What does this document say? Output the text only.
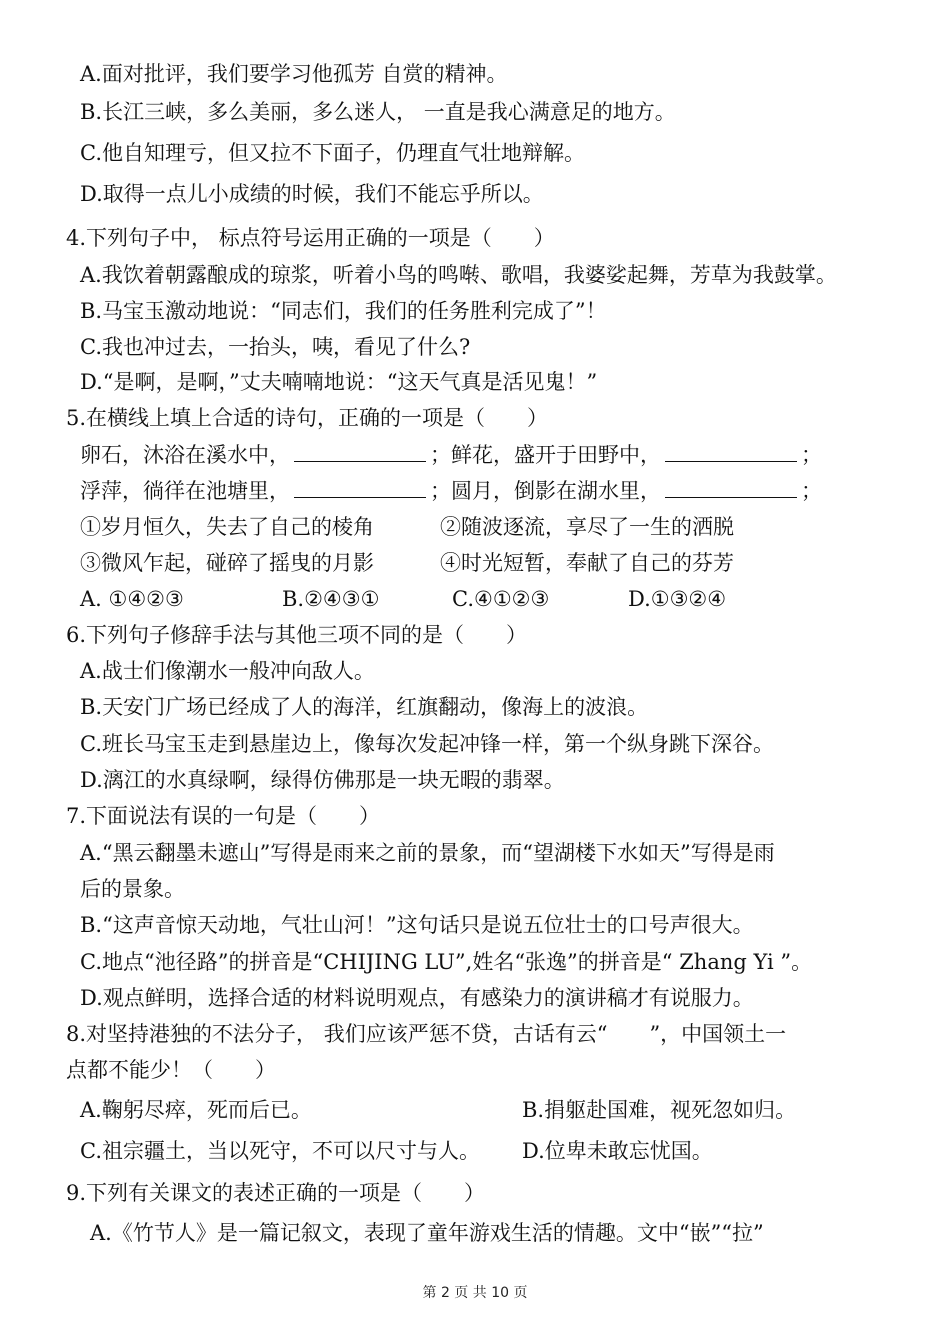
A.面对批评，我们要学习他孤芳 自赏的精神。
B.长江三峡，多么美丽，多么迷人， 一直是我心满意足的地方。
C.他自知理亏，但又拉不下面子，仍理直气壮地辩解。
D.取得一点儿小成绩的时候，我们不能忘乎所以。
4.下列句子中， 标点符号运用正确的一项是（　　）
A.我饮着朝露酿成的琼浆，听着小鸟的鸣啭、歌唱，我婆娑起舞，芳草为我鼓掌。
B.马宝玉激动地说：“同志们，我们的任务胜利完成了”！
C.我也冲过去，一抬头，咦，看见了什么?
D.“是啊，是啊，”丈夫喃喃地说：“这天气真是活见鬼！”
5.在横线上填上合适的诗句，正确的一项是（　　）
卵石，沐浴在溪水中，	；鲜花，盛开于田野中，	；
浮萍，徜徉在池塘里，	；圆月，倒影在湖水里，	；
①岁月恒久，失去了自己的棱角	②随波逐流，享尽了一生的洒脱
③微风乍起，碰碎了摇曳的月影	④时光短暂，奉献了自己的芬芳
A. ①④②③	B.②④③①	C.④①②③	D.①③②④
6.下列句子修辞手法与其他三项不同的是（　　）
A.战士们像潮水一般冲向敌人。
B.天安门广场已经成了人的海洋，红旗翻动，像海上的波浪。
C.班长马宝玉走到悬崖边上，像每次发起冲锋一样，第一个纵身跳下深谷。
D.漓江的水真绿啊，绿得仿佛那是一块无暇的翡翠。
7.下面说法有误的一句是（　　）
A.“黑云翻墨未遮山”写得是雨来之前的景象，而“望湖楼下水如天”写得是雨
后的景象。
B.“这声音惊天动地，气壮山河！”这句话只是说五位壮士的口号声很大。
C.地点“池径路”的拼音是“CHIJING LU”,姓名“张逸”的拼音是“ Zhang Yi ”。
D.观点鲜明，选择合适的材料说明观点，有感染力的演讲稿才有说服力。
8.对坚持港独的不法分子， 我们应该严惩不贷，古话有云“　　”，中国领土一
点都不能少！（　　）
A.鞠躬尽瘁，死而后已。	B.捐躯赴国难，视死忽如归。
C.祖宗疆土，当以死守，不可以尺寸与人。 D.位卑未敢忘忧国。
9.下列有关课文的表述正确的一项是（　　）
A.《竹节人》是一篇记叙文，表现了童年游戏生活的情趣。文中“嵌”“拉”
第 2 页 共 10 页
